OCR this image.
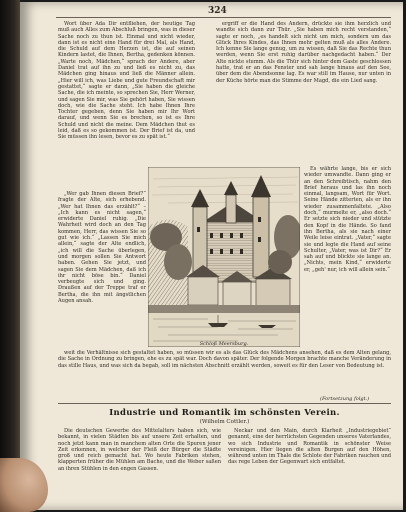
324

Wort über Ada Dir entfliehen, der heutige Tag muß auch Alles zum Abschluß bringen, was in dieser Sache noch zu thun ist. Einmal und nicht wieder, dann ist es nicht eine Hand für drei Mal, als Hand, die Schuld auf dem Herzen ist, die auf seinen Kindern lastet, die Ihnen, Bertha, gedenken können. „Warte noch, Mädchen,“ sprach der Andere, aber Daniel trat auf ihn zu und ließ es nicht zu, das Mädchen ging hinaus und ließ die Männer allein. „Hier will ich, was Liebe und gute Freundschaft mir gestattet,“ sagte er dann, „Sie haben die gleiche Sache, die ich meinte, so sprechen Sie, Herr Werner, und sagen Sie mir, was Sie gehört haben, Sie wissen doch, wie die Sache steht. Ich habe Ihnen Ihre Tochter gegeben, denn Sie haben mir Ihr Wort darauf, und wenn Sie es brechen, so ist es Ihre Schuld und nicht die meine. Dem Mädchen thut es leid, daß es so gekommen ist. Der Brief ist da, und Sie müssen ihn lesen, bevor es zu spät ist.“

ergriff er die Hand des Andern, drückte sie ihm herzlich und wandte sich dann zur Thür. „Sie haben mich recht verstanden,“ sagte er noch, „es handelt sich nicht um mich, sondern um das Glück Ihres Kindes, das Ihnen mehr gelten muß als alles Andere. Ich kenne Sie lange genug, um zu wissen, daß Sie das Rechte thun werden, wenn Sie erst ruhig darüber nachgedacht haben.“ Der Alte nickte stumm. Als die Thür sich hinter dem Gaste geschlossen hatte, trat er an das Fenster und sah lange hinaus auf den See, über dem die Abendsonne lag. Es war still im Hause, nur unten in der Küche hörte man die Stimme der Magd, die ein Lied sang.

„Wer gab Ihnen diesen Brief?“ fragte der Alte, sich erhebend. „Wer hat Ihnen das erzählt?“ – „Ich kann es nicht sagen,“ erwiderte Daniel ruhig. „Die Wahrheit wird doch an den Tag kommen, Herr, das wissen Sie so gut wie ich.“ „Lassen Sie mich allein,“ sagte der Alte endlich, „ich will die Sache überlegen, und morgen sollen Sie Antwort haben. Gehen Sie jetzt, und sagen Sie dem Mädchen, daß ich ihr nicht böse bin.“ Daniel verbeugte sich und ging. Draußen auf der Treppe traf er Bertha, die ihn mit ängstlichen Augen ansah.

Es währte lange, bis er sich wieder umwandte. Dann ging er an den Schreibtisch, nahm den Brief heraus und las ihn noch einmal, langsam, Wort für Wort. Seine Hände zitterten, als er ihn wieder zusammenfaltete. „Also doch,“ murmelte er, „also doch.“ Er setzte sich nieder und stützte den Kopf in die Hände. So fand ihn Bertha, als sie nach einer Weile leise eintrat. „Vater,“ sagte sie und legte die Hand auf seine Schulter, „Vater, was ist Dir?“ Er sah auf und blickte sie lange an. „Nichts, mein Kind,“ erwiderte er, „geh' nur, ich will allein sein.“

Schloß Meersburg.

weit die Verhältnisse sich gestaltet haben, so müssen wir es als das Glück des Mädchens ansehen, daß es dem Alten gelang, die Sache in Ordnung zu bringen, ehe es zu spät war. Doch davon später. Der folgende Morgen brachte manche Veränderung in das stille Haus, und was sich da begab, soll im nächsten Abschnitt erzählt werden, soweit es für den Leser von Bedeutung ist.

(Fortsetzung folgt.)
Industrie und Romantik im schönsten Verein.
(Wilhelm Cottler.)

Die deutschen Gewerbe des Mittelalters haben sich, wie bekannt, in vielen Städten bis auf unsere Zeit erhalten, und noch jetzt kann man in manchem alten Orte die Spuren jener Zeit erkennen, in welcher der Fleiß der Bürger die Städte groß und reich gemacht hat. Wo heute Fabriken stehen, klapperten früher die Mühlen am Bache, und die Weber saßen an ihren Stühlen in den engen Gassen.

Neckar und den Main, durch Klarheit „Industriegebiet“ genannt, eine der herrlichsten Gegenden unseres Vaterlandes, wo sich Industrie und Romantik in schönster Weise vereinigen. Hier liegen die alten Burgen auf den Höhen, während unten im Thale die Schlote der Fabriken rauchen und das rege Leben der Gegenwart sich entfaltet.
